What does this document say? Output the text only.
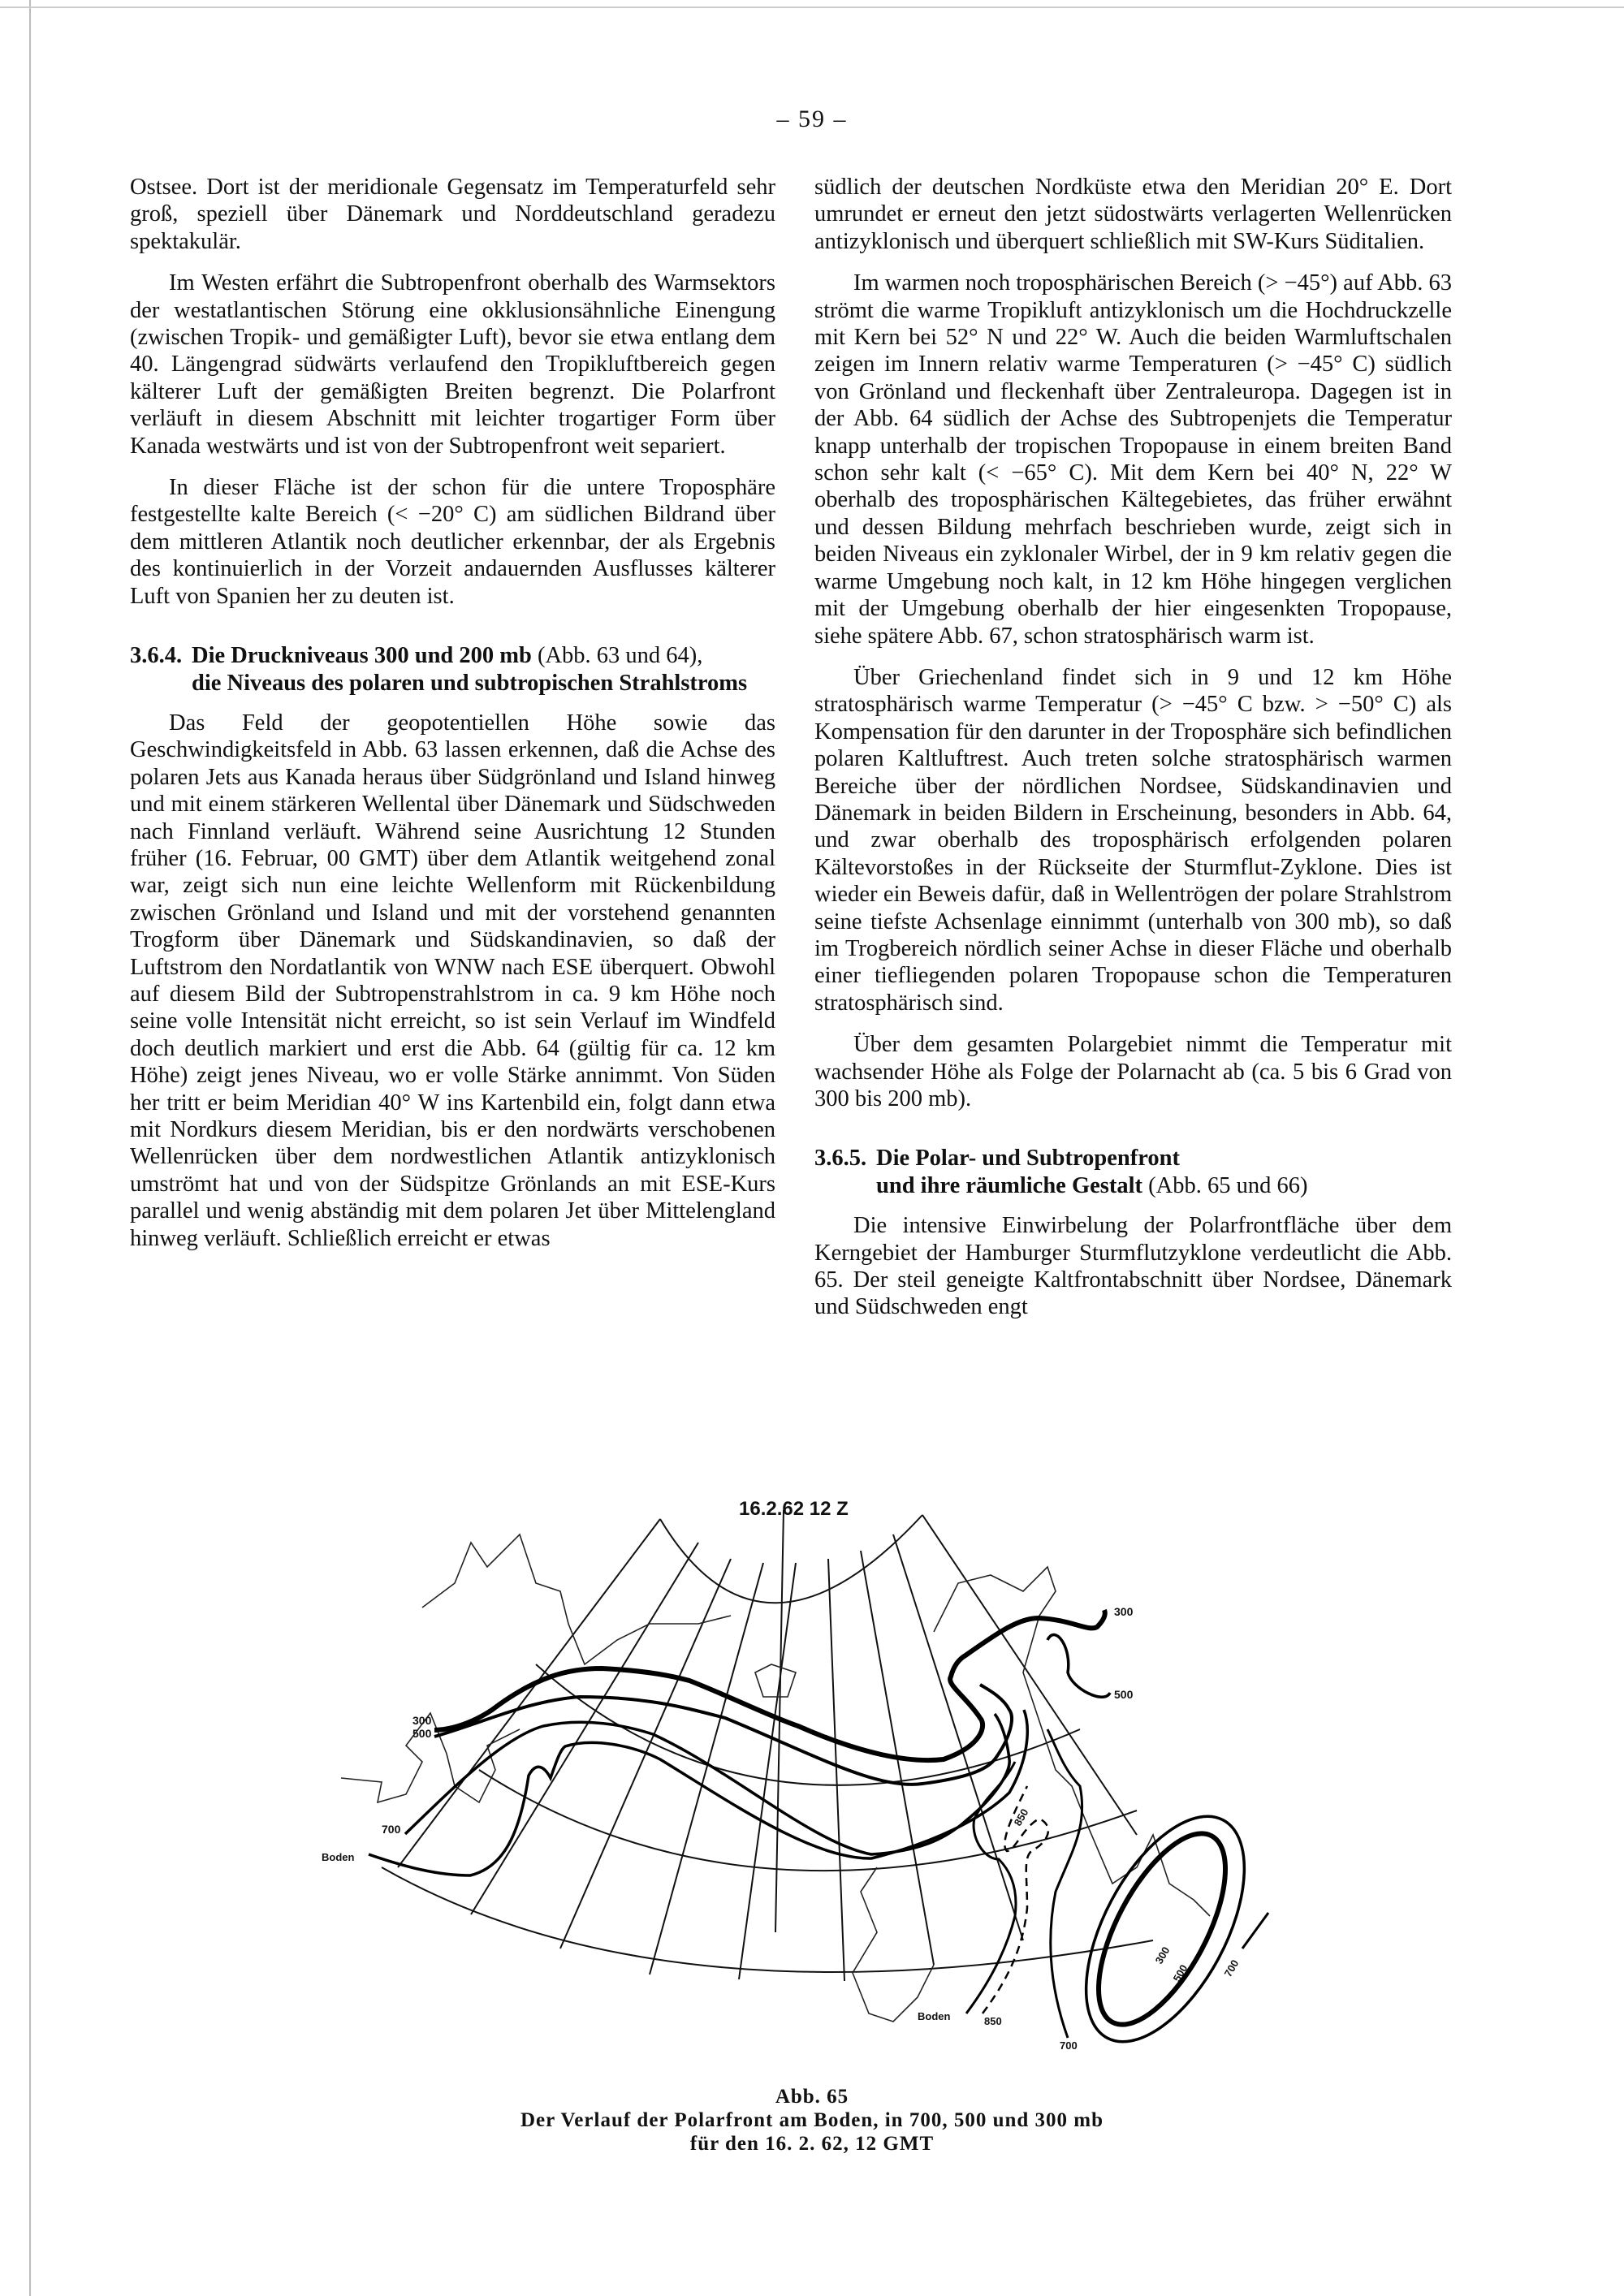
– 59 –

Ostsee. Dort ist der meridionale Gegensatz im Temperaturfeld sehr groß, speziell über Dänemark und Norddeutschland geradezu spektakulär.

Im Westen erfährt die Subtropenfront oberhalb des Warmsektors der westatlantischen Störung eine okklusionsähnliche Einengung (zwischen Tropik- und gemäßigter Luft), bevor sie etwa entlang dem 40. Längengrad südwärts verlaufend den Tropikluftbereich gegen kälterer Luft der gemäßigten Breiten begrenzt. Die Polarfront verläuft in diesem Abschnitt mit leichter trogartiger Form über Kanada westwärts und ist von der Subtropenfront weit separiert.

In dieser Fläche ist der schon für die untere Troposphäre festgestellte kalte Bereich (< −20° C) am südlichen Bildrand über dem mittleren Atlantik noch deutlicher erkennbar, der als Ergebnis des kontinuierlich in der Vorzeit andauernden Ausflusses kälterer Luft von Spanien her zu deuten ist.

3.6.4. Die Druckniveaus 300 und 200 mb (Abb. 63 und 64),
die Niveaus des polaren und subtropischen Strahlstroms

Das Feld der geopotentiellen Höhe sowie das Geschwindigkeitsfeld in Abb. 63 lassen erkennen, daß die Achse des polaren Jets aus Kanada heraus über Südgrönland und Island hinweg und mit einem stärkeren Wellental über Dänemark und Südschweden nach Finnland verläuft. Während seine Ausrichtung 12 Stunden früher (16. Februar, 00 GMT) über dem Atlantik weitgehend zonal war, zeigt sich nun eine leichte Wellenform mit Rückenbildung zwischen Grönland und Island und mit der vorstehend genannten Trogform über Dänemark und Südskandinavien, so daß der Luftstrom den Nordatlantik von WNW nach ESE überquert. Obwohl auf diesem Bild der Subtropenstrahlstrom in ca. 9 km Höhe noch seine volle Intensität nicht erreicht, so ist sein Verlauf im Windfeld doch deutlich markiert und erst die Abb. 64 (gültig für ca. 12 km Höhe) zeigt jenes Niveau, wo er volle Stärke annimmt. Von Süden her tritt er beim Meridian 40° W ins Kartenbild ein, folgt dann etwa mit Nordkurs diesem Meridian, bis er den nordwärts verschobenen Wellenrücken über dem nordwestlichen Atlantik antizyklonisch umströmt hat und von der Südspitze Grönlands an mit ESE-Kurs parallel und wenig abständig mit dem polaren Jet über Mittelengland hinweg verläuft. Schließlich erreicht er etwas

südlich der deutschen Nordküste etwa den Meridian 20° E. Dort umrundet er erneut den jetzt südostwärts verlagerten Wellenrücken antizyklonisch und überquert schließlich mit SW-Kurs Süditalien.

Im warmen noch troposphärischen Bereich (> −45°) auf Abb. 63 strömt die warme Tropikluft antizyklonisch um die Hochdruckzelle mit Kern bei 52° N und 22° W. Auch die beiden Warmluftschalen zeigen im Innern relativ warme Temperaturen (> −45° C) südlich von Grönland und fleckenhaft über Zentraleuropa. Dagegen ist in der Abb. 64 südlich der Achse des Subtropenjets die Temperatur knapp unterhalb der tropischen Tropopause in einem breiten Band schon sehr kalt (< −65° C). Mit dem Kern bei 40° N, 22° W oberhalb des troposphärischen Kältegebietes, das früher erwähnt und dessen Bildung mehrfach beschrieben wurde, zeigt sich in beiden Niveaus ein zyklonaler Wirbel, der in 9 km relativ gegen die warme Umgebung noch kalt, in 12 km Höhe hingegen verglichen mit der Umgebung oberhalb der hier eingesenkten Tropopause, siehe spätere Abb. 67, schon stratosphärisch warm ist.

Über Griechenland findet sich in 9 und 12 km Höhe stratosphärisch warme Temperatur (> −45° C bzw. > −50° C) als Kompensation für den darunter in der Troposphäre sich befindlichen polaren Kaltluftrest. Auch treten solche stratosphärisch warmen Bereiche über der nördlichen Nordsee, Südskandinavien und Dänemark in beiden Bildern in Erscheinung, besonders in Abb. 64, und zwar oberhalb des troposphärisch erfolgenden polaren Kältevorstoßes in der Rückseite der Sturmflut-Zyklone. Dies ist wieder ein Beweis dafür, daß in Wellentrögen der polare Strahlstrom seine tiefste Achsenlage einnimmt (unterhalb von 300 mb), so daß im Trogbereich nördlich seiner Achse in dieser Fläche und oberhalb einer tiefliegenden polaren Tropopause schon die Temperaturen stratosphärisch sind.

Über dem gesamten Polargebiet nimmt die Temperatur mit wachsender Höhe als Folge der Polarnacht ab (ca. 5 bis 6 Grad von 300 bis 200 mb).

3.6.5. Die Polar- und Subtropenfront
und ihre räumliche Gestalt (Abb. 65 und 66)

Die intensive Einwirbelung der Polarfrontfläche über dem Kerngebiet der Hamburger Sturmflutzyklone verdeutlicht die Abb. 65. Der steil geneigte Kaltfrontabschnitt über Nordsee, Dänemark und Südschweden engt

16.2.62 12 Z
300
500
300
500
700
Boden
Boden	850
850
700
300
500	700
Abb. 65
Der Verlauf der Polarfront am Boden, in 700, 500 und 300 mb
für den 16. 2. 62, 12 GMT
